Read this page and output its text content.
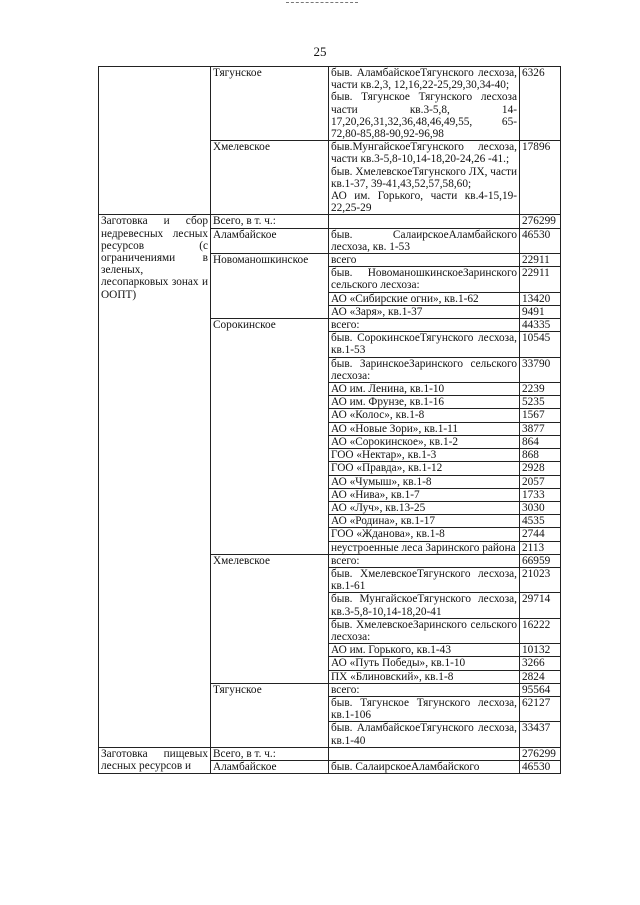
25
	Тягунское	быв. АламбайскоеТягунского лесхоза, части кв.2,3, 12,16,22-25,29,30,34-40;
быв. Тягунское Тягунского лесхоза части кв.3-5,8, 14-17,20,26,31,32,36,48,46,49,55, 65-72,80-85,88-90,92-96,98	6326
	Хмелевское	быв.МунгайскоеТягунского лесхоза, части кв.3-5,8-10,14-18,20-24,26 -41.;
быв. ХмелевскоеТягунского ЛХ, части кв.1-37, 39-41,43,52,57,58,60;
АО им. Горького, части кв.4-15,19-22,25-29	17896
Заготовка и сбор недревесных лесных ресурсов (с ограничениями в зеленых, лесопарковых зонах и ООПТ)	Всего, в т. ч.:		276299
	Аламбайское	быв. СалаирскоеАламбайского лесхоза, кв. 1-53	46530
	Новоманошкинское	всего	22911

		быв. НовоманошкинскоеЗаринского сельского лесхоза:	22911

		АО «Сибирские огни», кв.1-62	13420

		АО «Заря», кв.1-37	9491
	Сорокинское	всего:	44335

		быв. СорокинскоеТягунского лесхоза, кв.1-53	10545

		быв. ЗаринскоеЗаринского сельского лесхоза:	33790

		АО им. Ленина, кв.1-10	2239

		АО им. Фрунзе, кв.1-16	5235

		АО «Колос», кв.1-8	1567

		АО «Новые Зори», кв.1-11	3877

		АО «Сорокинское», кв.1-2	864

		ГОО «Нектар», кв.1-3	868

		ГОО «Правда», кв.1-12	2928

		АО «Чумыш», кв.1-8	2057

		АО «Нива», кв.1-7	1733

		АО «Луч», кв.13-25	3030

		АО «Родина», кв.1-17	4535

		ГОО «Жданова», кв.1-8	2744

		неустроенные леса Заринского района	2113
	Хмелевское	всего:	66959

		быв. ХмелевскоеТягунского лесхоза, кв.1-61	21023

		быв. МунгайскоеТягунского лесхоза, кв.3-5,8-10,14-18,20-41	29714

		быв. ХмелевскоеЗаринского сельского лесхоза:	16222

		АО им. Горького, кв.1-43	10132

		АО «Путь Победы», кв.1-10	3266

		ПХ «Блиновский», кв.1-8	2824
	Тягунское	всего:	95564

		быв. Тягунское Тягунского лесхоза, кв.1-106	62127

		быв. АламбайскоеТягунского лесхоза, кв.1-40	33437
Заготовка пищевых лесных ресурсов и	Всего, в т. ч.:		276299
	Аламбайское	быв. СалаирскоеАламбайского	46530
